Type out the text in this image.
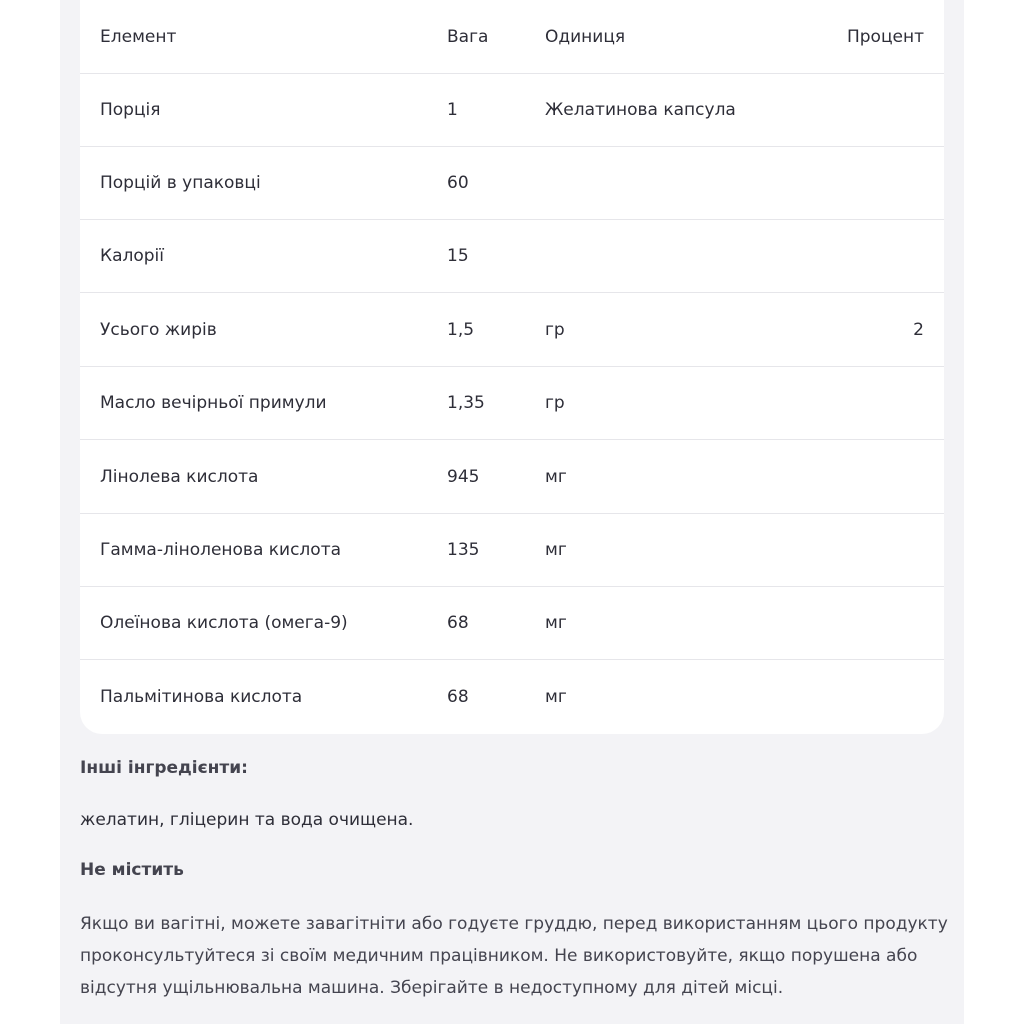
Елемент	Вага	Одиниця	Процент
Порція	1	Желатинова капсула
Порцій в упаковці	60
Калорії	15
Усього жирів	1,5	гр	2
Масло вечірньої примули	1,35	гр
Лінолева кислота	945	мг
Гамма-ліноленова кислота	135	мг
Олеїнова кислота (омега-9)	68	мг
Пальмітинова кислота	68	мг
Інші інгредієнти:
желатин, гліцерин та вода очищена.
Не містить
Якщо ви вагітні, можете завагітніти або годуєте груддю, перед використанням цього продукту проконсультуйтеся зі своїм медичним працівником. Не використовуйте, якщо порушена або відсутня ущільнювальна машина. Зберігайте в недоступному для дітей місці.
